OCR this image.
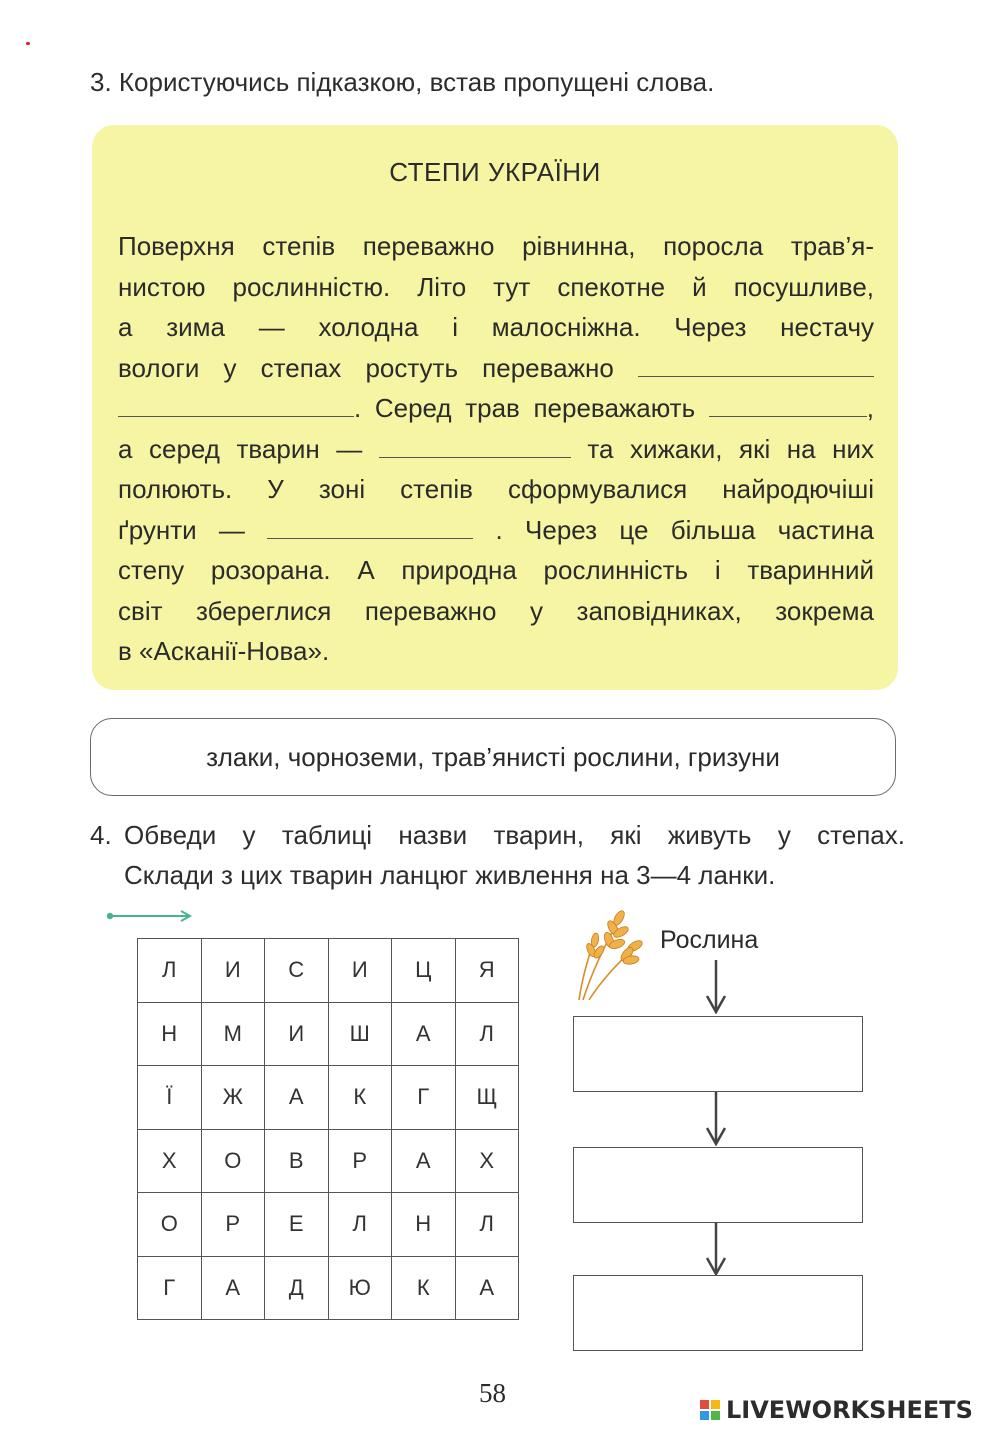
3. Користуючись підказкою, встав пропущені слова.
СТЕПИ УКРАЇНИ
Поверхня степів переважно рівнинна, поросла трав’я-
нистою рослинністю. Літо тут спекотне й посушливе,
а зима — холодна і малосніжна. Через нестачу
вологи у степах ростуть переважно
. Серед трав переважають	,
а серед тварин —	та хижаки, які на них
полюють. У зоні степів сформувалися найродючіші
ґрунти —	. Через це більша частина
степу розорана. А природна рослинність і тваринний
світ збереглися переважно у заповідниках, зокрема
в «Асканії-Нова».
злаки, чорноземи, трав’янисті рослини, гризуни
4. Обведи у таблиці назви тварин, які живуть у степах.
Склади з цих тварин ланцюг живлення на 3—4 ланки.
Л	И	С	И	Ц	Я
Н	М	И	Ш	А	Л
Ї	Ж	А	К	Г	Щ
Х	О	В	Р	А	Х
О	Р	Е	Л	Н	Л
Г	А	Д	Ю	К	А
Рослина
58
LIVEWORKSHEETS
